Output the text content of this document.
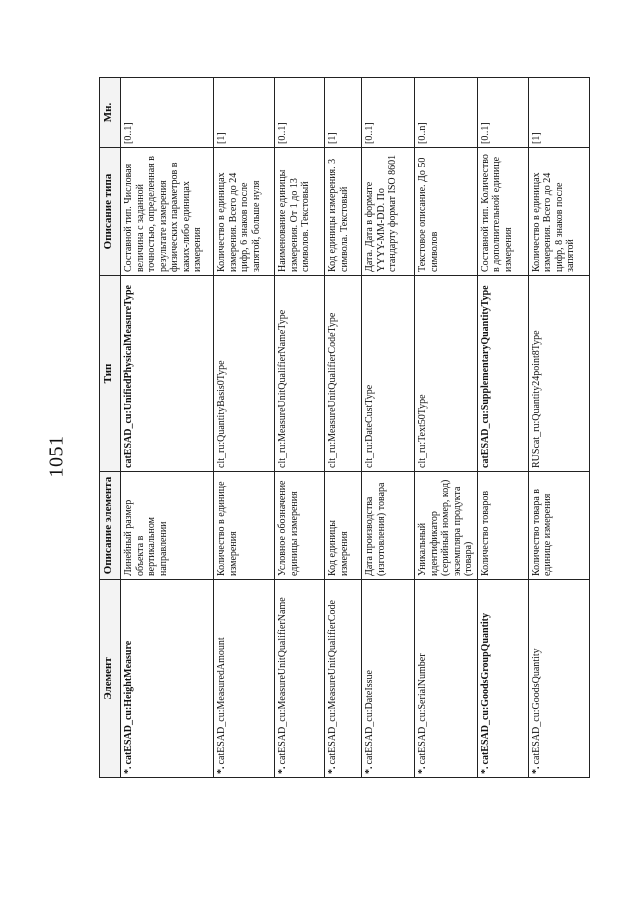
1051
Элемент	Описание элемента	Тип	Описание типа	Мн.
*.catESAD_cu:HeightMeasure	Линейный размер объекта в вертикальном направлении	catESAD_cu:UnifiedPhysicalMeasureType	Составной тип. Числовая величина с заданной точностью, определенная в результате измерения физических параметров в каких-либо единицах измерения	[0..1]
*.catESAD_cu:MeasuredAmount	Количество в единице измерения	clt_ru:QuantityBasis0Type	Количество в единицах измерения. Всего до 24 цифр, 6 знаков после запятой, больше нуля	[1]
*.catESAD_cu:MeasureUnitQualifierName	Условное обозначение единицы измерения	clt_ru:MeasureUnitQualifierNameType	Наименование единицы измерения. От 1 до 13 символов. Текстовый	[0..1]
*.catESAD_cu:MeasureUnitQualifierCode	Код единицы измерения	clt_ru:MeasureUnitQualifierCodeType	Код единицы измерения. 3 символа. Текстовый	[1]
*.catESAD_cu:DateIssue	Дата производства (изготовления) товара	clt_ru:DateCustType	Дата. Дата в формате YYYY-MM-DD. По стандарту формат ISO 8601	[0..1]
*.catESAD_cu:SerialNumber	Уникальный идентификатор (серийный номер, код) экземпляра продукта (товара)	clt_ru:Text50Type	Текстовое описание. До 50 символов	[0..n]
*.catESAD_cu:GoodsGroupQuantity	Количество товаров	catESAD_cu:SupplementaryQuantityType	Составной тип. Количество в дополнительной единице измерения	[0..1]
*.catESAD_cu:GoodsQuantity	Количество товара в единице измерения	RUScat_ru:Quantity24point8Type	Количество в единицах измерения. Всего до 24 цифр, 8 знаков после запятой	[1]
